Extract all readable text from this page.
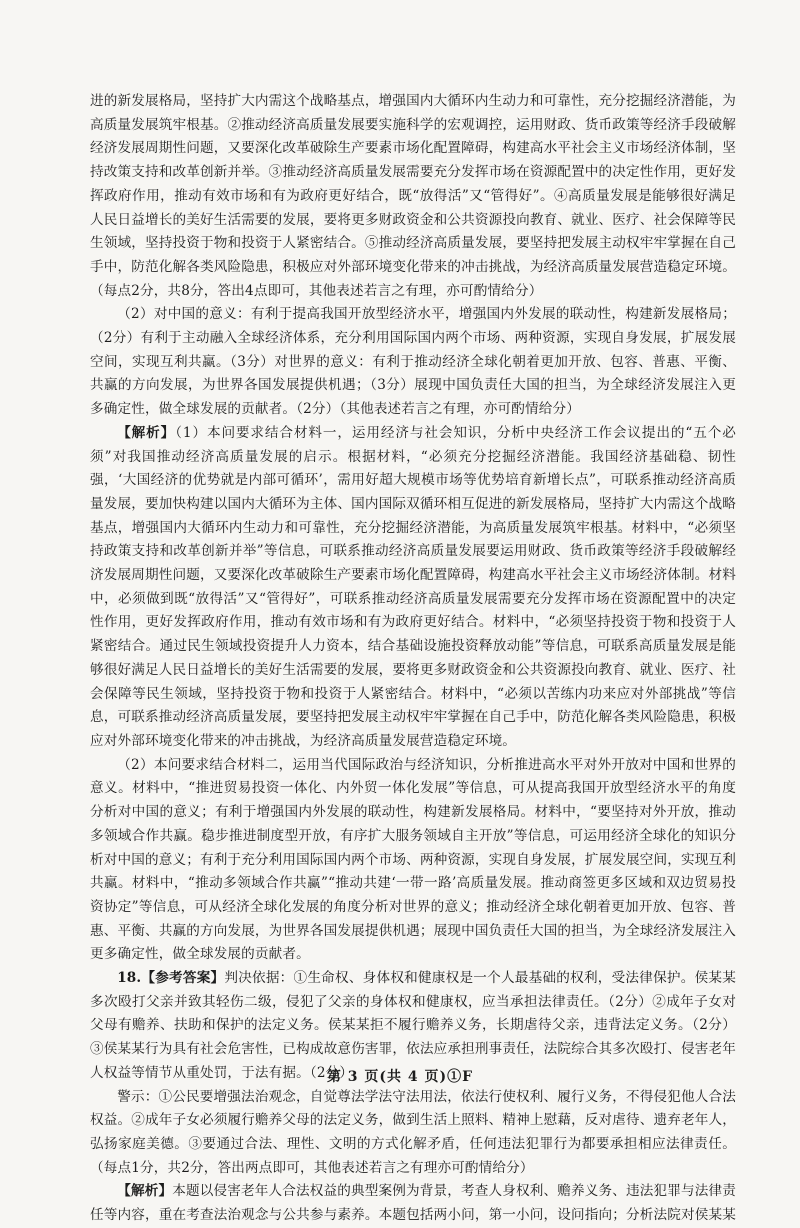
进的新发展格局，坚持扩大内需这个战略基点，增强国内大循环内生动力和可靠性，充分挖掘经济潜能，为高质量发展筑牢根基。②推动经济高质量发展要实施科学的宏观调控，运用财政、货币政策等经济手段破解经济发展周期性问题，又要深化改革破除生产要素市场化配置障碍，构建高水平社会主义市场经济体制，坚持改策支持和改革创新并举。③推动经济高质量发展需要充分发挥市场在资源配置中的决定性作用，更好发挥政府作用，推动有效市场和有为政府更好结合，既“放得活”又“管得好”。④高质量发展是能够很好满足人民日益增长的美好生活需要的发展，要将更多财政资金和公共资源投向教育、就业、医疗、社会保障等民生领域，坚持投资于物和投资于人紧密结合。⑤推动经济高质量发展，要坚持把发展主动权牢牢掌握在自己手中，防范化解各类风险隐患，积极应对外部环境变化带来的冲击挑战，为经济高质量发展营造稳定环境。（每点2分，共8分，答出4点即可，其他表述若言之有理，亦可酌情给分）

（2）对中国的意义：有利于提高我国开放型经济水平，增强国内外发展的联动性，构建新发展格局；（2分）有利于主动融入全球经济体系，充分利用国际国内两个市场、两种资源，实现自身发展，扩展发展空间，实现互利共赢。（3分）对世界的意义：有利于推动经济全球化朝着更加开放、包容、普惠、平衡、共赢的方向发展，为世界各国发展提供机遇；（3分）展现中国负责任大国的担当，为全球经济发展注入更多确定性，做全球发展的贡献者。（2分）（其他表述若言之有理，亦可酌情给分）

【解析】（1）本问要求结合材料一，运用经济与社会知识，分析中央经济工作会议提出的“五个必须”对我国推动经济高质量发展的启示。根据材料，“必须充分挖掘经济潜能。我国经济基础稳、韧性强，‘大国经济的优势就是内部可循环’，需用好超大规模市场等优势培育新增长点”，可联系推动经济高质量发展，要加快构建以国内大循环为主体、国内国际双循环相互促进的新发展格局，坚持扩大内需这个战略基点，增强国内大循环内生动力和可靠性，充分挖掘经济潜能，为高质量发展筑牢根基。材料中，“必须坚持政策支持和改革创新并举”等信息，可联系推动经济高质量发展要运用财政、货币政策等经济手段破解经济发展周期性问题，又要深化改革破除生产要素市场化配置障碍，构建高水平社会主义市场经济体制。材料中，必须做到既“放得活”又“管得好”，可联系推动经济高质量发展需要充分发挥市场在资源配置中的决定性作用，更好发挥政府作用，推动有效市场和有为政府更好结合。材料中，“必须坚持投资于物和投资于人紧密结合。通过民生领域投资提升人力资本，结合基础设施投资释放动能”等信息，可联系高质量发展是能够很好满足人民日益增长的美好生活需要的发展，要将更多财政资金和公共资源投向教育、就业、医疗、社会保障等民生领域，坚持投资于物和投资于人紧密结合。材料中，“必须以苦练内功来应对外部挑战”等信息，可联系推动经济高质量发展，要坚持把发展主动权牢牢掌握在自己手中，防范化解各类风险隐患，积极应对外部环境变化带来的冲击挑战，为经济高质量发展营造稳定环境。

（2）本问要求结合材料二，运用当代国际政治与经济知识，分析推进高水平对外开放对中国和世界的意义。材料中，“推进贸易投资一体化、内外贸一体化发展”等信息，可从提高我国开放型经济水平的角度分析对中国的意义；有利于增强国内外发展的联动性，构建新发展格局。材料中，“要坚持对外开放，推动多领域合作共赢。稳步推进制度型开放，有序扩大服务领域自主开放”等信息，可运用经济全球化的知识分析对中国的意义；有利于充分利用国际国内两个市场、两种资源，实现自身发展，扩展发展空间，实现互利共赢。材料中，“推动多领域合作共赢”“推动共建‘一带一路’高质量发展。推动商签更多区域和双边贸易投资协定”等信息，可从经济全球化发展的角度分析对世界的意义；推动经济全球化朝着更加开放、包容、普惠、平衡、共赢的方向发展，为世界各国发展提供机遇；展现中国负责任大国的担当，为全球经济发展注入更多确定性，做全球发展的贡献者。

18.【参考答案】判决依据：①生命权、身体权和健康权是一个人最基础的权利，受法律保护。侯某某多次殴打父亲并致其轻伤二级，侵犯了父亲的身体权和健康权，应当承担法律责任。（2分）②成年子女对父母有赡养、扶助和保护的法定义务。侯某某拒不履行赡养义务，长期虐待父亲，违背法定义务。（2分）③侯某某行为具有社会危害性，已构成故意伤害罪，依法应承担刑事责任，法院综合其多次殴打、侵害老年人权益等情节从重处罚，于法有据。（2分）

警示：①公民要增强法治观念，自觉尊法学法守法用法，依法行使权利、履行义务，不得侵犯他人合法权益。②成年子女必须履行赡养父母的法定义务，做到生活上照料、精神上慰藉，反对虐待、遗弃老年人，弘扬家庭美德。③要通过合法、理性、文明的方式化解矛盾，任何违法犯罪行为都要承担相应法律责任。（每点1分，共2分，答出两点即可，其他表述若言之有理亦可酌情给分）

【解析】本题以侵害老年人合法权益的典型案例为背景，考查人身权利、赡养义务、违法犯罪与法律责任等内容，重在考查法治观念与公共参与素养。本题包括两小问，第一小问，设问指向；分析法院对侯某某

第 3 页(共 4 页)①F
